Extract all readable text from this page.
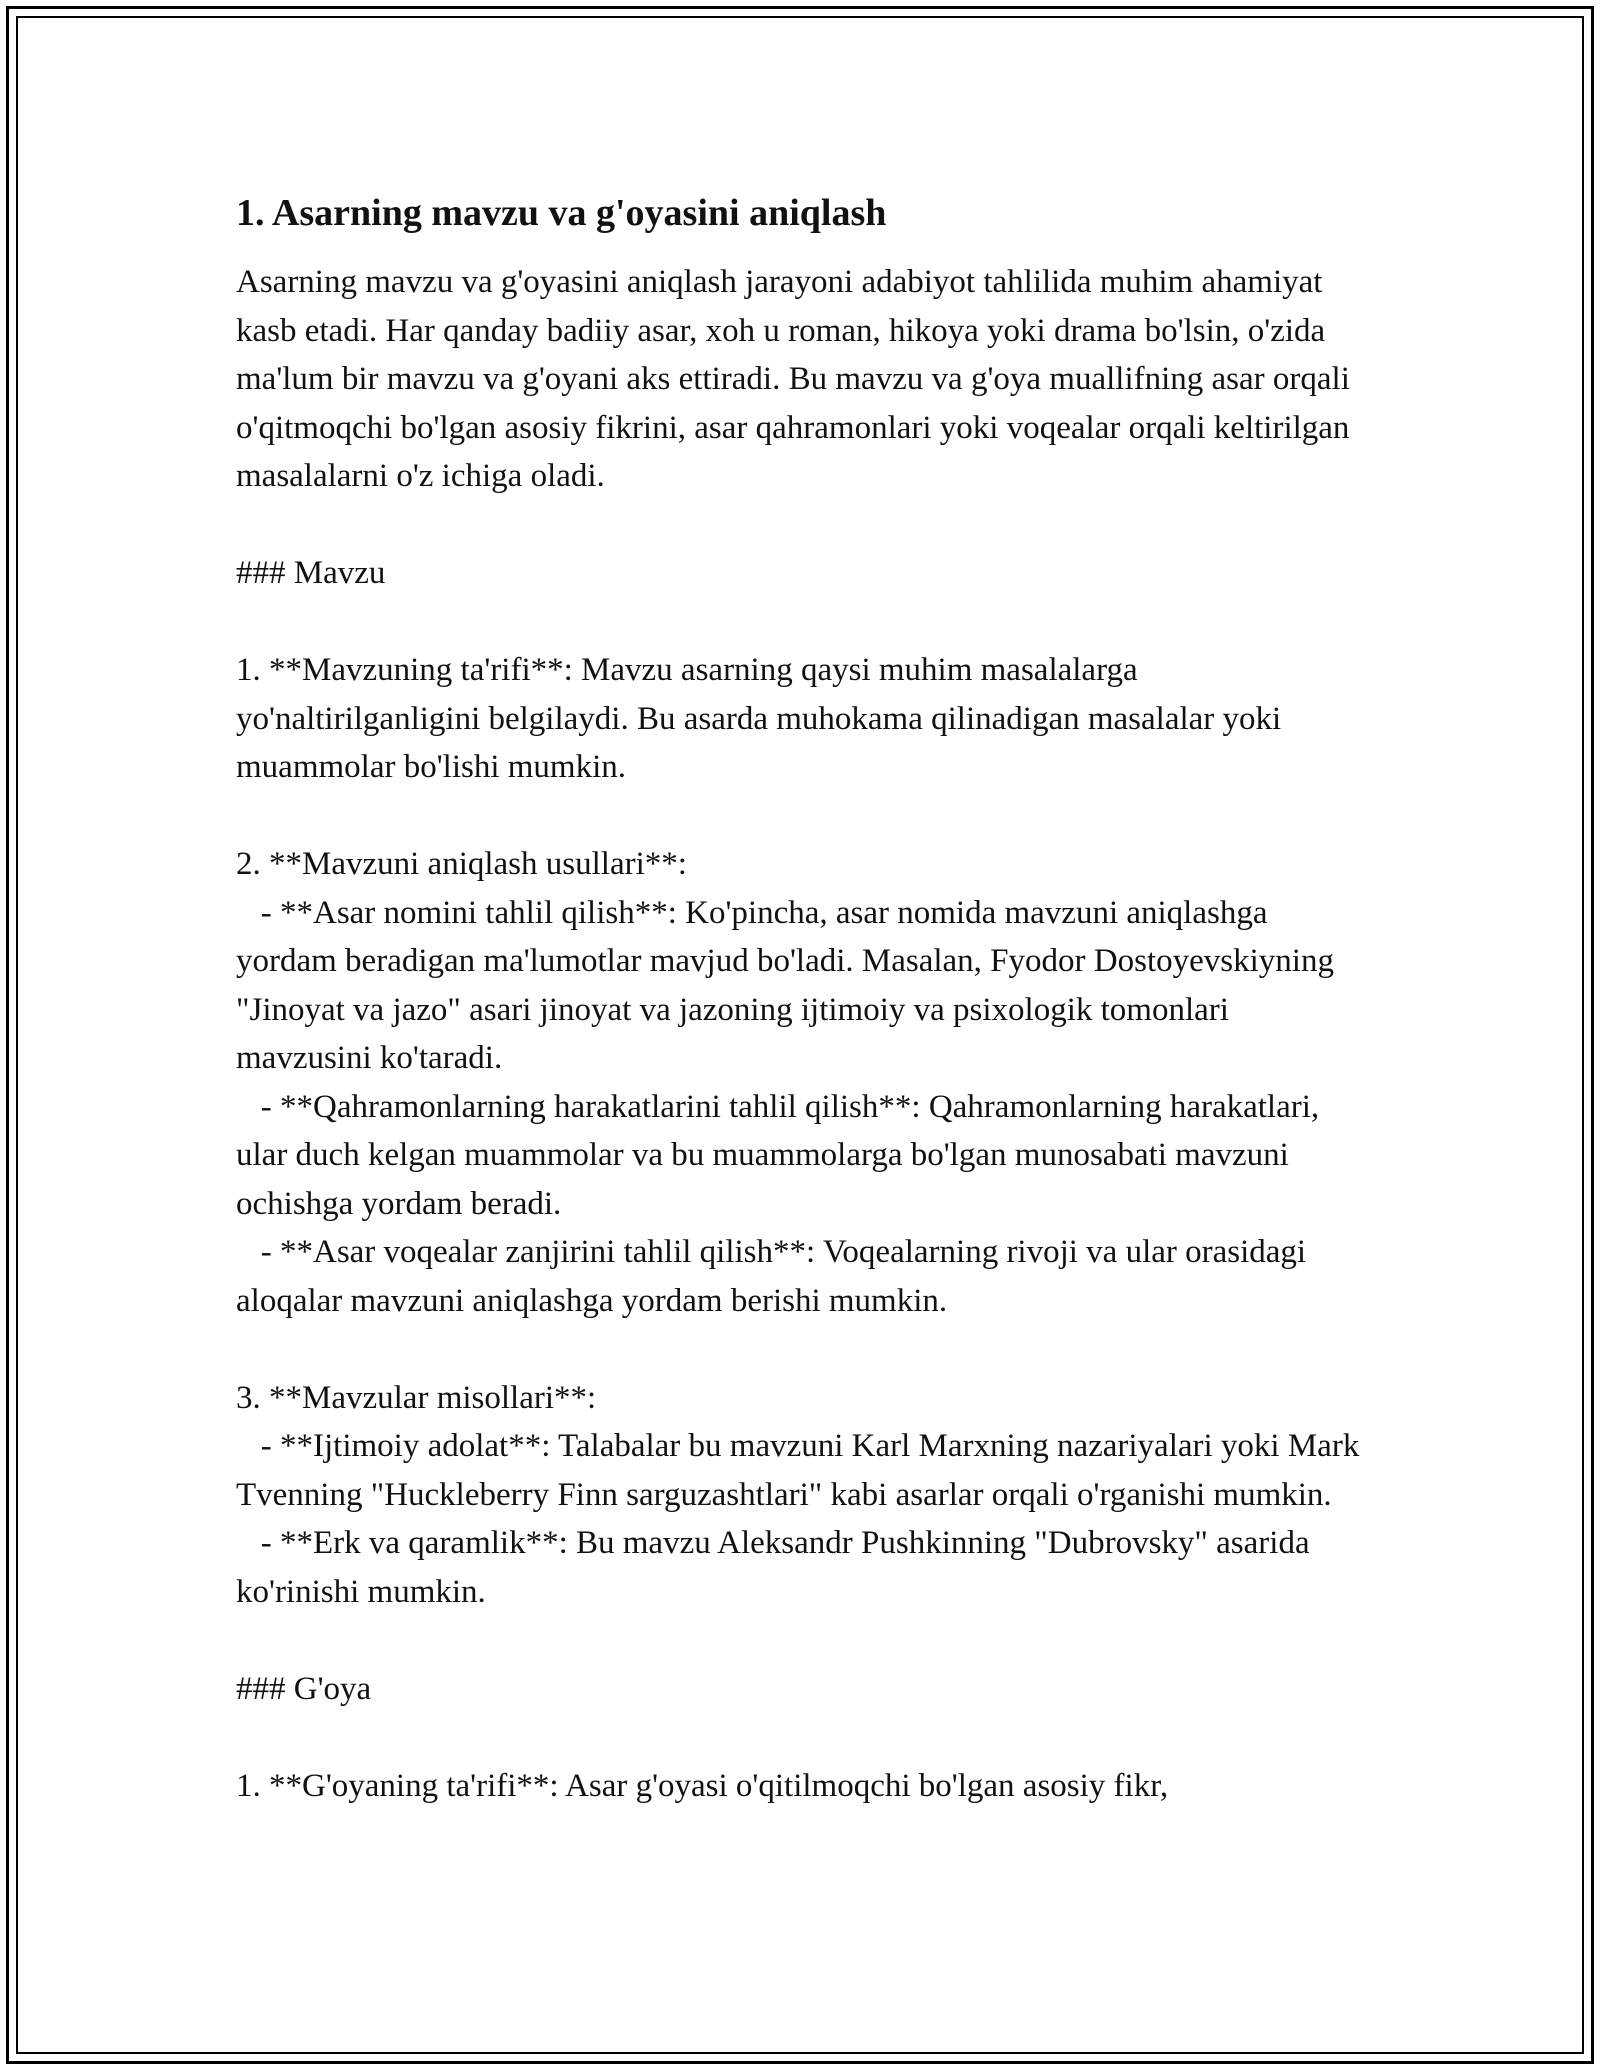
1. Asarning mavzu va g'oyasini aniqlash

Asarning mavzu va g'oyasini aniqlash jarayoni adabiyot tahlilida muhim ahamiyat kasb etadi. Har qanday badiiy asar, xoh u roman, hikoya yoki drama bo'lsin, o'zida ma'lum bir mavzu va g'oyani aks ettiradi. Bu mavzu va g'oya muallifning asar orqali o'qitmoqchi bo'lgan asosiy fikrini, asar qahramonlari yoki voqealar orqali keltirilgan masalalarni o'z ichiga oladi.

### Mavzu

1. **Mavzuning ta'rifi**: Mavzu asarning qaysi muhim masalalarga yo'naltirilganligini belgilaydi. Bu asarda muhokama qilinadigan masalalar yoki muammolar bo'lishi mumkin.

2. **Mavzuni aniqlash usullari**:

- **Asar nomini tahlil qilish**: Ko'pincha, asar nomida mavzuni aniqlashga yordam beradigan ma'lumotlar mavjud bo'ladi. Masalan, Fyodor Dostoyevskiyning "Jinoyat va jazo" asari jinoyat va jazoning ijtimoiy va psixologik tomonlari mavzusini ko'taradi.

- **Qahramonlarning harakatlarini tahlil qilish**: Qahramonlarning harakatlari, ular duch kelgan muammolar va bu muammolarga bo'lgan munosabati mavzuni ochishga yordam beradi.

- **Asar voqealar zanjirini tahlil qilish**: Voqealarning rivoji va ular orasidagi aloqalar mavzuni aniqlashga yordam berishi mumkin.

3. **Mavzular misollari**:

- **Ijtimoiy adolat**: Talabalar bu mavzuni Karl Marxning nazariyalari yoki Mark Tvenning "Huckleberry Finn sarguzashtlari" kabi asarlar orqali o'rganishi mumkin.

- **Erk va qaramlik**: Bu mavzu Aleksandr Pushkinning "Dubrovsky" asarida ko'rinishi mumkin.

### G'oya

1. **G'oyaning ta'rifi**: Asar g'oyasi o'qitilmoqchi bo'lgan asosiy fikr,
